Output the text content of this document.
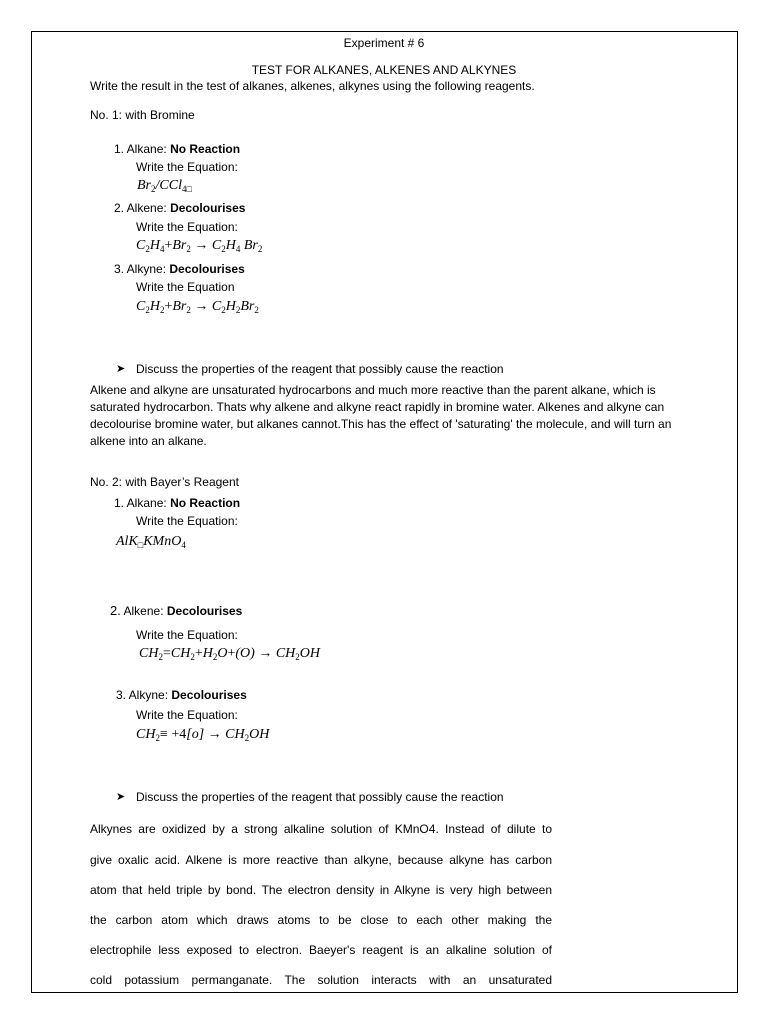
Experiment # 6
TEST FOR ALKANES, ALKENES AND ALKYNES
Write the result in the test of alkanes, alkenes, alkynes using the following reagents.
No. 1: with Bromine
1. Alkane: No Reaction
Write the Equation:
$Br_2/CCl_{4□}$
2. Alkene: Decolourises
Write the Equation:
$C_2H_4+Br_2 \to C_2H_4$ $Br_2$
3. Alkyne: Decolourises
Write the Equation
$C_2H_2+Br_2 \to C_2H_2Br_2$
➤ Discuss the properties of the reagent that possibly cause the reaction
Alkene and alkyne are unsaturated hydrocarbons and much more reactive than the parent alkane, which is
saturated hydrocarbon. Thats why alkene and alkyne react rapidly in bromine water. Alkenes and alkyne can
decolourise bromine water, but alkanes cannot.This has the effect of 'saturating' the molecule, and will turn an
alkene into an alkane.
No. 2: with Bayer’s Reagent
1. Alkane: No Reaction
Write the Equation:
AlK$_□$KMnO$_4$
2. Alkene: Decolourises
Write the Equation:
$CH_2=CH_2+H_2O+(O) \to CH_2OH$
3. Alkyne: Decolourises
Write the Equation:
$CH_2\equiv +4[o] \to CH_2OH$
➤ Discuss the properties of the reagent that possibly cause the reaction
Alkynes are oxidized by a strong alkaline solution of KMnO4. Instead of dilute to
give oxalic acid. Alkene is more reactive than alkyne, because alkyne has carbon
atom that held triple by bond. The electron density in Alkyne is very high between
the carbon atom which draws atoms to be close to each other making the
electrophile less exposed to electron. Baeyer's reagent is an alkaline solution of
cold potassium permanganate. The solution interacts with an unsaturated
